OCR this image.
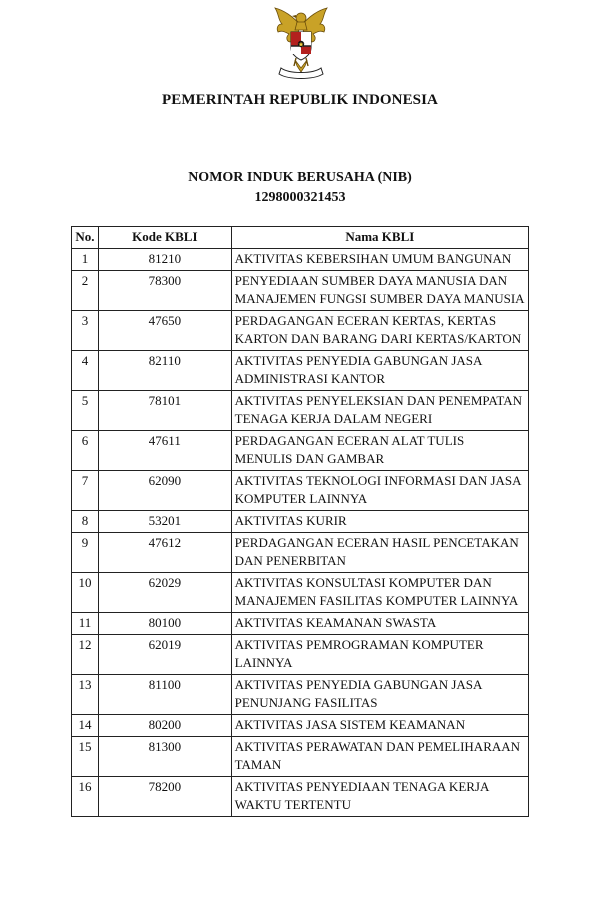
PEMERINTAH REPUBLIK INDONESIA
NOMOR INDUK BERUSAHA (NIB)
1298000321453
No.	Kode KBLI	Nama KBLI
1	81210	AKTIVITAS KEBERSIHAN UMUM BANGUNAN
2	78300	PENYEDIAAN SUMBER DAYA MANUSIA DAN MANAJEMEN FUNGSI SUMBER DAYA MANUSIA
3	47650	PERDAGANGAN ECERAN KERTAS, KERTAS KARTON DAN BARANG DARI KERTAS/KARTON
4	82110	AKTIVITAS PENYEDIA GABUNGAN JASA ADMINISTRASI KANTOR
5	78101	AKTIVITAS PENYELEKSIAN DAN PENEMPATAN TENAGA KERJA DALAM NEGERI
6	47611	PERDAGANGAN ECERAN ALAT TULIS MENULIS DAN GAMBAR
7	62090	AKTIVITAS TEKNOLOGI INFORMASI DAN JASA KOMPUTER LAINNYA
8	53201	AKTIVITAS KURIR
9	47612	PERDAGANGAN ECERAN HASIL PENCETAKAN DAN PENERBITAN
10	62029	AKTIVITAS KONSULTASI KOMPUTER DAN MANAJEMEN FASILITAS KOMPUTER LAINNYA
11	80100	AKTIVITAS KEAMANAN SWASTA
12	62019	AKTIVITAS PEMROGRAMAN KOMPUTER LAINNYA
13	81100	AKTIVITAS PENYEDIA GABUNGAN JASA PENUNJANG FASILITAS
14	80200	AKTIVITAS JASA SISTEM KEAMANAN
15	81300	AKTIVITAS PERAWATAN DAN PEMELIHARAAN TAMAN
16	78200	AKTIVITAS PENYEDIAAN TENAGA KERJA WAKTU TERTENTU
